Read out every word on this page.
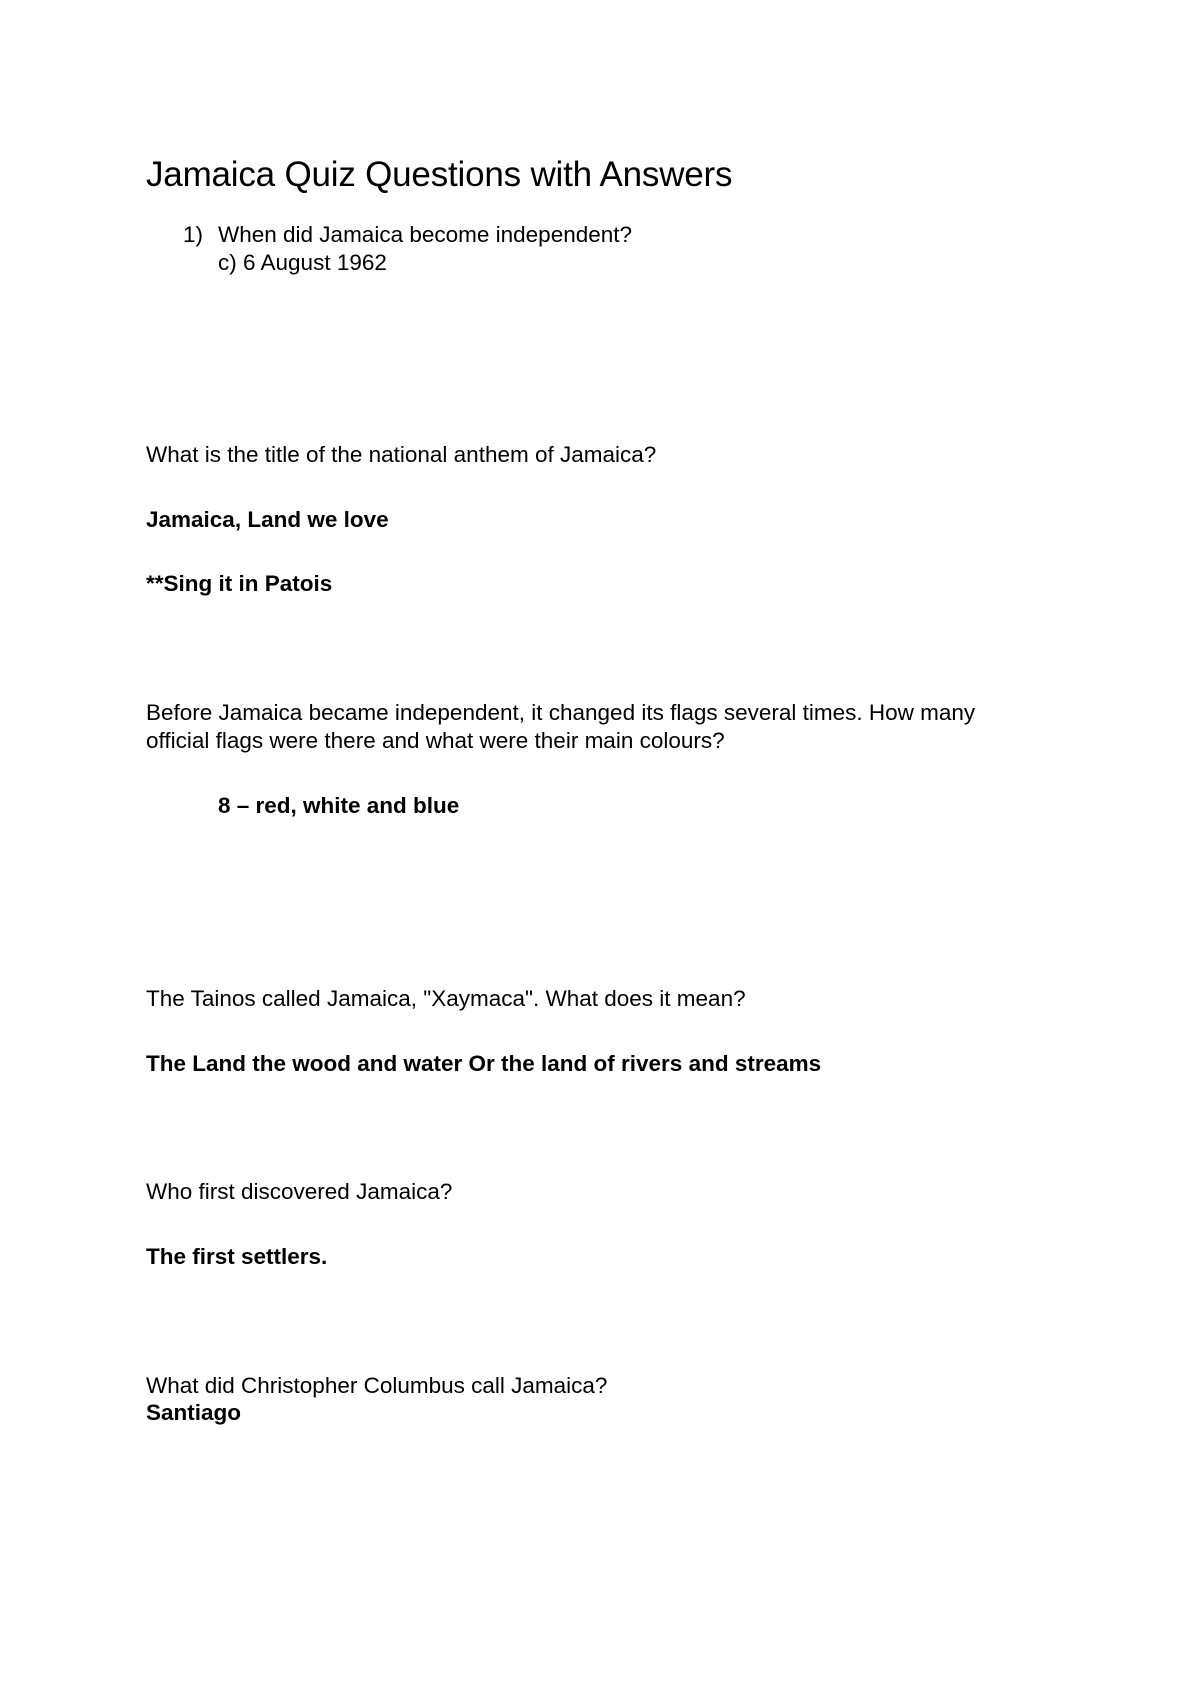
Jamaica Quiz Questions with Answers
1) When did Jamaica become independent?
c) 6 August 1962
What is the title of the national anthem of Jamaica?
Jamaica, Land we love
**Sing it in Patois
Before Jamaica became independent, it changed its flags several times. How many
official flags were there and what were their main colours?
8 – red, white and blue
The Tainos called Jamaica, "Xaymaca". What does it mean?
The Land the wood and water Or the land of rivers and streams
Who first discovered Jamaica?
The first settlers.
What did Christopher Columbus call Jamaica?
Santiago
